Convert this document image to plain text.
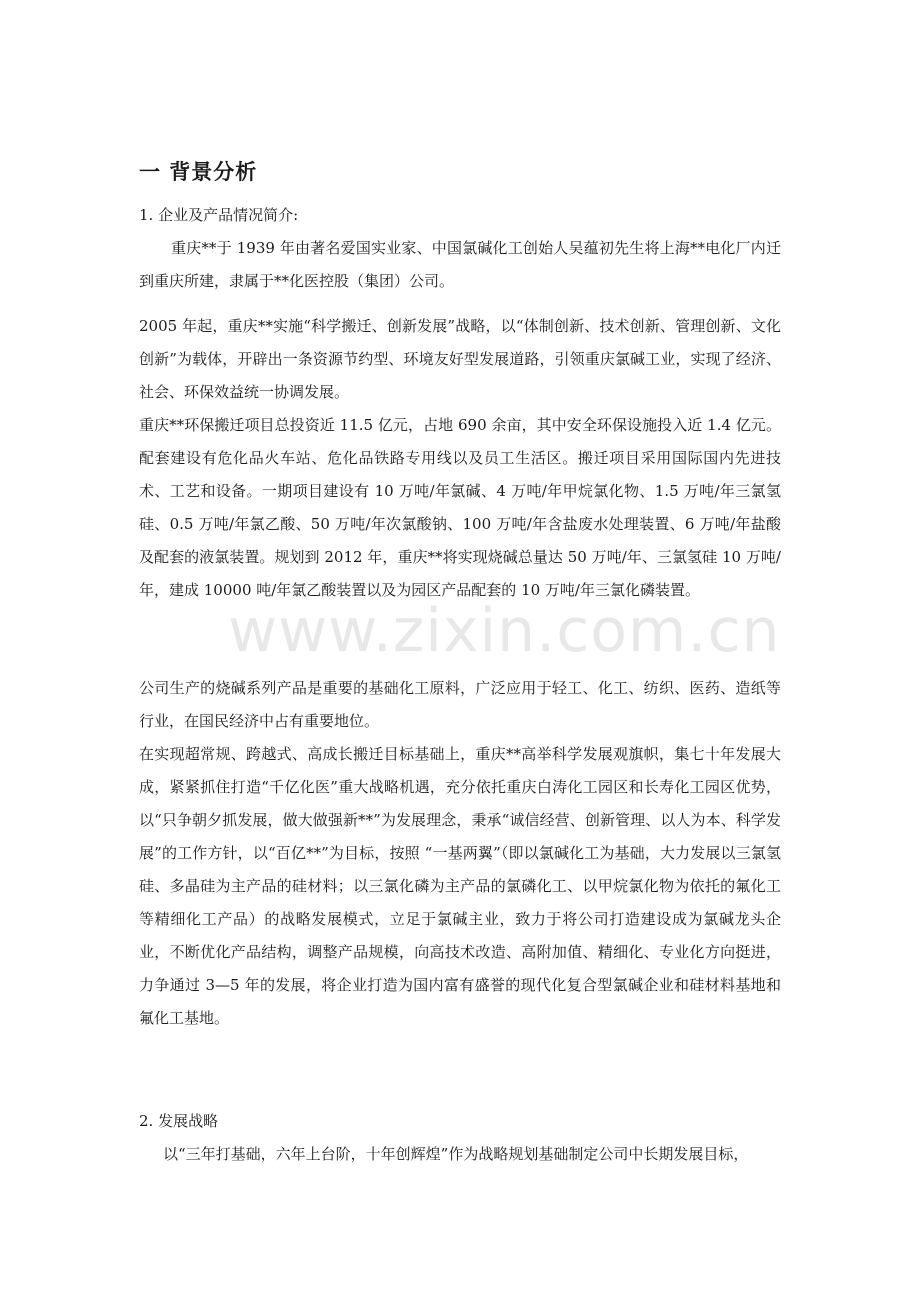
一 背景分析
1. 企业及产品情况简介:
重庆**于 1939 年由著名爱国实业家、中国氯碱化工创始人吴蕴初先生将上海**电化厂内迁到重庆所建，隶属于**化医控股（集团）公司。
2005 年起，重庆**实施“科学搬迁、创新发展”战略，以“体制创新、技术创新、管理创新、文化创新”为载体，开辟出一条资源节约型、环境友好型发展道路，引领重庆氯碱工业，实现了经济、社会、环保效益统一协调发展。
重庆**环保搬迁项目总投资近 11.5 亿元，占地 690 余亩，其中安全环保设施投入近 1.4 亿元。配套建设有危化品火车站、危化品铁路专用线以及员工生活区。搬迁项目采用国际国内先进技术、工艺和设备。一期项目建设有 10 万吨/年氯碱、4 万吨/年甲烷氯化物、1.5 万吨/年三氯氢硅、0.5 万吨/年氯乙酸、50 万吨/年次氯酸钠、100 万吨/年含盐废水处理装置、6 万吨/年盐酸及配套的液氯装置。规划到 2012 年，重庆**将实现烧碱总量达 50 万吨/年、三氯氢硅 10 万吨/年，建成 10000 吨/年氯乙酸装置以及为园区产品配套的 10 万吨/年三氯化磷装置。
公司生产的烧碱系列产品是重要的基础化工原料，广泛应用于轻工、化工、纺织、医药、造纸等行业，在国民经济中占有重要地位。
在实现超常规、跨越式、高成长搬迁目标基础上，重庆**高举科学发展观旗帜，集七十年发展大成，紧紧抓住打造“千亿化医”重大战略机遇，充分依托重庆白涛化工园区和长寿化工园区优势，以“只争朝夕抓发展，做大做强新**”为发展理念，秉承“诚信经营、创新管理、以人为本、科学发展”的工作方针，以“百亿**”为目标，按照 “一基两翼”（即以氯碱化工为基础，大力发展以三氯氢硅、多晶硅为主产品的硅材料；以三氯化磷为主产品的氯磷化工、以甲烷氯化物为依托的氟化工等精细化工产品）的战略发展模式，立足于氯碱主业，致力于将公司打造建设成为氯碱龙头企业，不断优化产品结构，调整产品规模，向高技术改造、高附加值、精细化、专业化方向挺进，力争通过 3—5 年的发展，将企业打造为国内富有盛誉的现代化复合型氯碱企业和硅材料基地和氟化工基地。
2. 发展战略
以“三年打基础，六年上台阶，十年创辉煌”作为战略规划基础制定公司中长期发展目标，
www.zixin.com.cn
